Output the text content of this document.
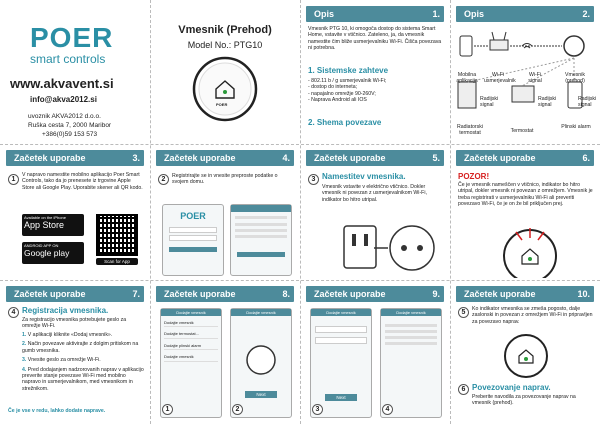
POER
smart controls
www.akvavent.si
info@akva2012.si
uvoznik AKVA2012 d.o.o.
Ruška cesta 7, 2000 Maribor
+386(0)59 153 573
Vmesnik (Prehod)
Model No.: PTG10
POER
Opis	1.
Vmesnik PTG 10, ki omogoča dostop do sistema Smart Home, vstavite v vtičnico. Zatelenо, ja, da vmesnik namestite čim bliže usmerjevalniku Wi-Fi. Čišča povezava ni potrebna.
1. Sistemske zahteve
- 802.11 b / g usmerjevalnik Wi-Fi;
- dostop do interneta;
- napajalno omrežje 90-260V;
- Naprava Android ali IOS
2. Shema povezave
Opis	2.
Mobilna aplikacija
Wi-Fi usmerjevalnik
Wi-Fi signal
Vmesnik (prehod)
Radijski signal
Radijski signal
Radijski signal
Radiatorski termostat	Termostat
Plinski alarm
Začetek uporabe	3.
1
V napravo namestite mobilno aplikacijo Poer Smart Controls, tako da jo prenesete iz trgovine Apple Store ali Google Play. Uporabite skener ali QR kodo.
Available on the iPhone
App Store
ANDROID APP ON
Google play
Scan for App
Začetek uporabe	4.
2	Registrirajte se in vnesite preproste podatke o svojem domu.
POER
Začetek uporabe	5.
3 Namestitev vmesnika.
Vmesnik vstavite v električno vtičnico. Dokler vmesnik ni povezan z usmerjevalnikom Wi-Fi, indikator bo hitro utripal.
Začetek uporabe	6.
POZOR!
Če je vmesnik nameščen v vtičnico, indikator bo hitro utripal, dokler vmesnik ni povezan z omrežjem. Vmesnik je treba registrirati v usmerjevalniku Wi-Fi ali preveriti povezavo Wi-Fi, če je on že bil priključen prej.
Začetek uporabe	7.
4 Registracija vmesnika.
Za registracijo vmesnika potrebujete geslo za omrežje Wi-Fi.
1. V aplikaciji kliknite «Dodaj vmesnik».
2. Način povezave aktivirajte z dolgim pritiskom na gumb vmesnika.
3. Vnesite geslo za omrežje Wi-Fi.
4. Pred dodajanjem nadzorovanih naprav v aplikacijo preverite stanje povezave Wi-Fi med mobilno napravo in usmerjevalnikom, med vmesnikom in strežnikom.
Če je vse v redu, lahko dodate naprave.
Začetek uporabe	8.
Dodajte vmesnik
Dodajte vmesnik
Dodajte termostat...
Dodajte plinski alarm
Dodajte vmesnik
1
Dodajte vmesnik
Next
2
Začetek uporabe	9.
Dodajte vmesnik
Next
3
Dodajte vmesnik
4
Začetek uporabe	10.
5	Ko indikator vmesnika se zmeša pogosto, dalje zaslonski in povezan z omrežjem Wi-Fi in pripravljen za povezavo naprav.
6 Povezovanje naprav.
Preberite navodila za povezovanje naprav na vmesnik (prehod).
